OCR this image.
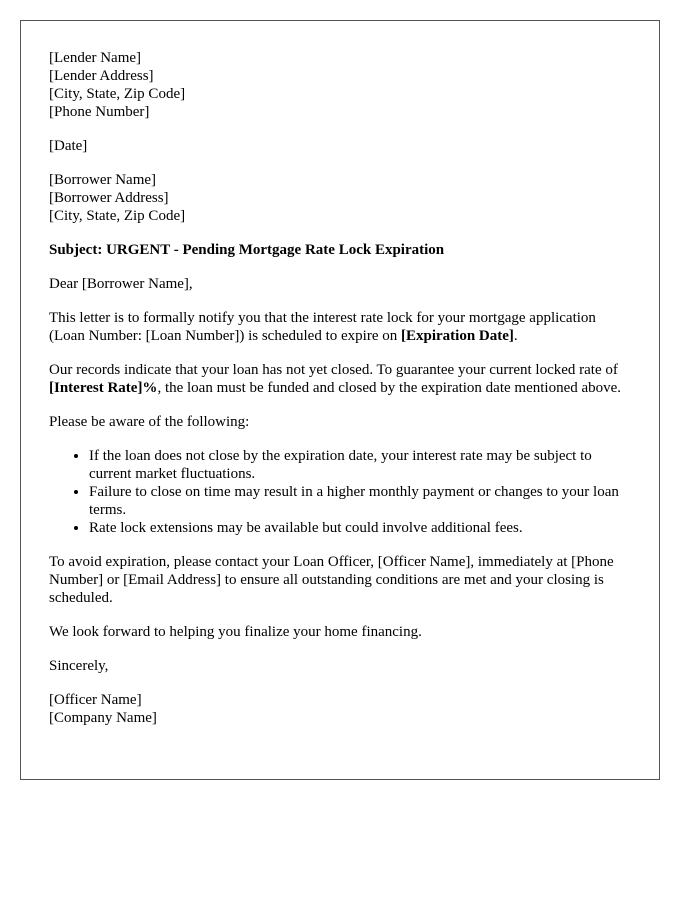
[Lender Name]
[Lender Address]
[City, State, Zip Code]
[Phone Number]
[Date]
[Borrower Name]
[Borrower Address]
[City, State, Zip Code]

Subject: URGENT - Pending Mortgage Rate Lock Expiration

Dear [Borrower Name],

This letter is to formally notify you that the interest rate lock for your mortgage application (Loan Number: [Loan Number]) is scheduled to expire on [Expiration Date].

Our records indicate that your loan has not yet closed. To guarantee your current locked rate of [Interest Rate]%, the loan must be funded and closed by the expiration date mentioned above.

Please be aware of the following:

• If the loan does not close by the expiration date, your interest rate may be subject to current market fluctuations.
• Failure to close on time may result in a higher monthly payment or changes to your loan terms.
• Rate lock extensions may be available but could involve additional fees.

To avoid expiration, please contact your Loan Officer, [Officer Name], immediately at [Phone Number] or [Email Address] to ensure all outstanding conditions are met and your closing is scheduled.

We look forward to helping you finalize your home financing.

Sincerely,

[Officer Name]
[Company Name]
